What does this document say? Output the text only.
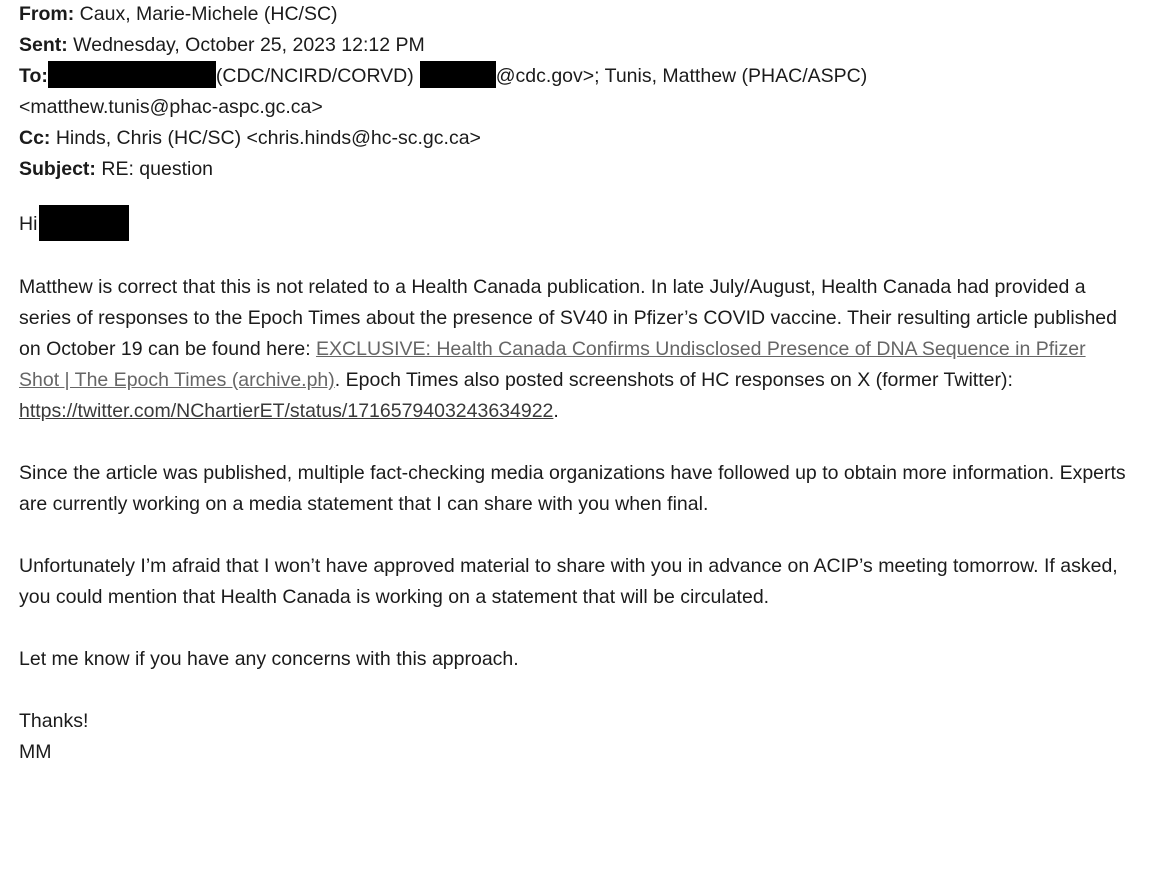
From: Caux, Marie-Michele (HC/SC)
Sent: Wednesday, October 25, 2023 12:12 PM
To:	(CDC/NCIRD/CORVD)	@cdc.gov>; Tunis, Matthew (PHAC/ASPC)
<matthew.tunis@phac-aspc.gc.ca>
Cc: Hinds, Chris (HC/SC) <chris.hinds@hc-sc.gc.ca>
Subject: RE: question
Hi

Matthew is correct that this is not related to a Health Canada publication. In late July/August, Health Canada had provided a series of responses to the Epoch Times about the presence of SV40 in Pfizer’s COVID vaccine. Their resulting article published on October 19 can be found here: EXCLUSIVE: Health Canada Confirms Undisclosed Presence of DNA Sequence in Pfizer Shot | The Epoch Times (archive.ph). Epoch Times also posted screenshots of HC responses on X (former Twitter): https://twitter.com/NChartierET/status/1716579403243634922.

Since the article was published, multiple fact-checking media organizations have followed up to obtain more information. Experts are currently working on a media statement that I can share with you when final.

Unfortunately I’m afraid that I won’t have approved material to share with you in advance on ACIP’s meeting tomorrow. If asked, you could mention that Health Canada is working on a statement that will be circulated.

Let me know if you have any concerns with this approach.

Thanks!

MM
